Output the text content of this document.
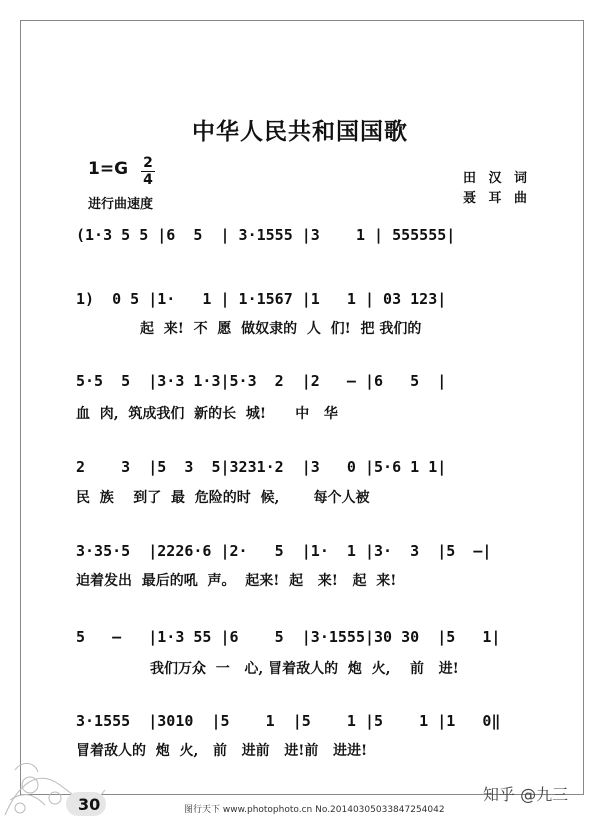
中华人民共和国国歌
1=G 2
4
进行曲速度
田 汉 词
聂 耳 曲
(1·3 5 5 |6  5  | 3·1555 |3    1 | 555555|
1)  0 5 |1·   1 | 1·1567 |1   1 | 03 123|
起  来!  不  愿  做奴隶的  人  们!  把 我们的
5·5  5  |3·3 1·3|5·3  2  |2   – |6   5  |
血  肉,  筑成我们  新的长  城!      中   华
2    3  |5  3  5|3231·2  |3   0 |5·6 1 1|
民  族    到了  最  危险的时  候,       每个人被
3·35·5  |2226·6 |2·   5  |1·  1 |3·  3  |5  –|
迫着发出  最后的吼  声。  起来!  起   来!   起  来!
5   –   |1·3 55 |6    5  |3·1555|30 30  |5   1|
我们万众  一   心, 冒着敌人的  炮  火,    前   进!
3·1555  |3010  |5    1  |5    1 |5    1 |1   0‖
冒着敌人的  炮  火,   前   进前   进!前   进进!
30	图行天下 www.photophoto.cn No.20140305033847254042
知乎 @九三
